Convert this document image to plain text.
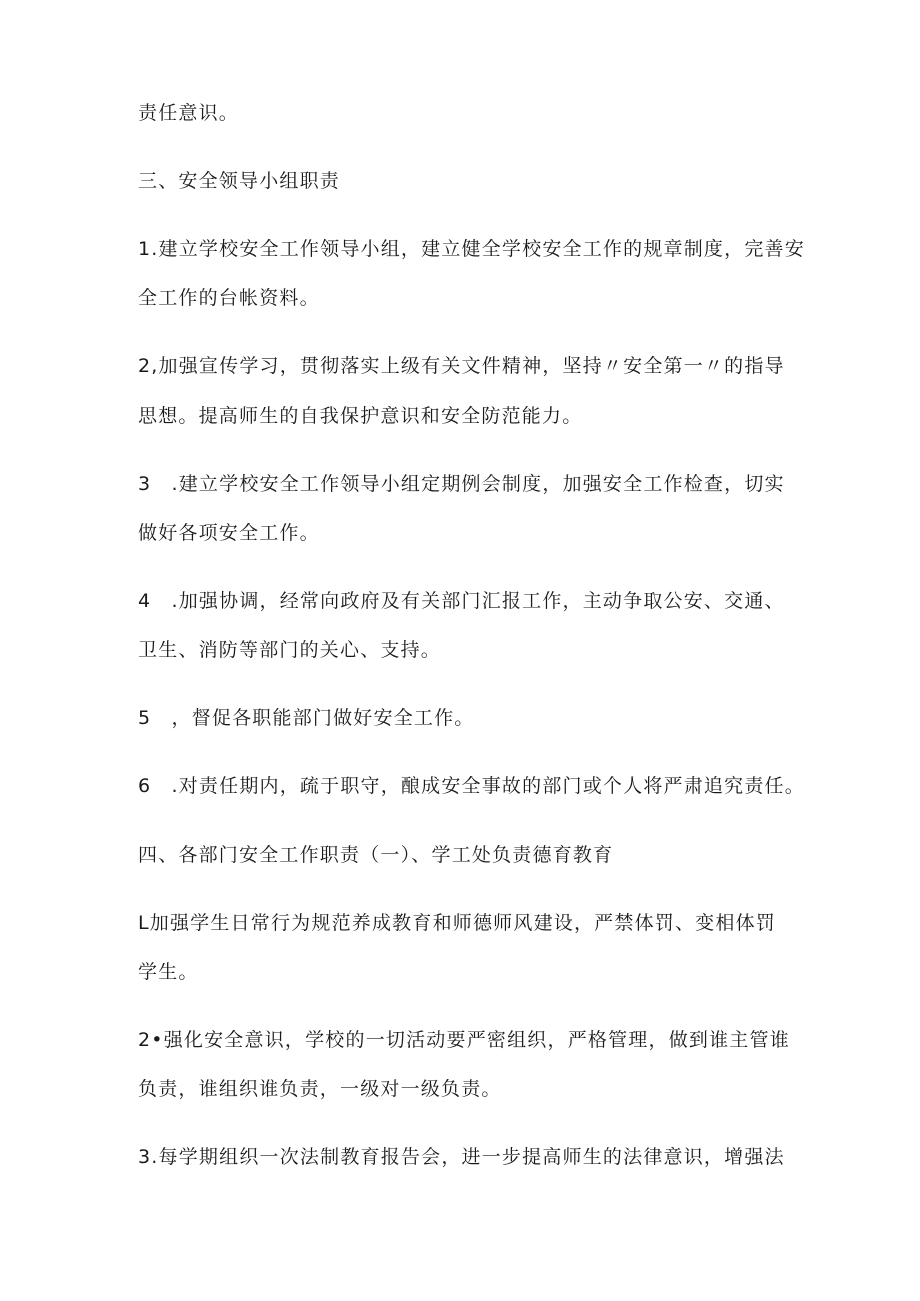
责任意识。
三、安全领导小组职责
1.建立学校安全工作领导小组，建立健全学校安全工作的规章制度，完善安
全工作的台帐资料。
2,加强宣传学习，贯彻落实上级有关文件精神，坚持〃安全第一〃的指导
思想。提高师生的自我保护意识和安全防范能力。
3　.建立学校安全工作领导小组定期例会制度，加强安全工作检查，切实
做好各项安全工作。
4　.加强协调，经常向政府及有关部门汇报工作，主动争取公安、交通、
卫生、消防等部门的关心、支持。
5　，督促各职能部门做好安全工作。
6　.对责任期内，疏于职守，酿成安全事故的部门或个人将严肃追究责任。
四、各部门安全工作职责（一）、学工处负责德育教育
L加强学生日常行为规范养成教育和师德师风建设，严禁体罚、变相体罚
学生。
2•强化安全意识，学校的一切活动要严密组织，严格管理，做到谁主管谁
负责，谁组织谁负责，一级对一级负责。
3.每学期组织一次法制教育报告会，进一步提高师生的法律意识，增强法
